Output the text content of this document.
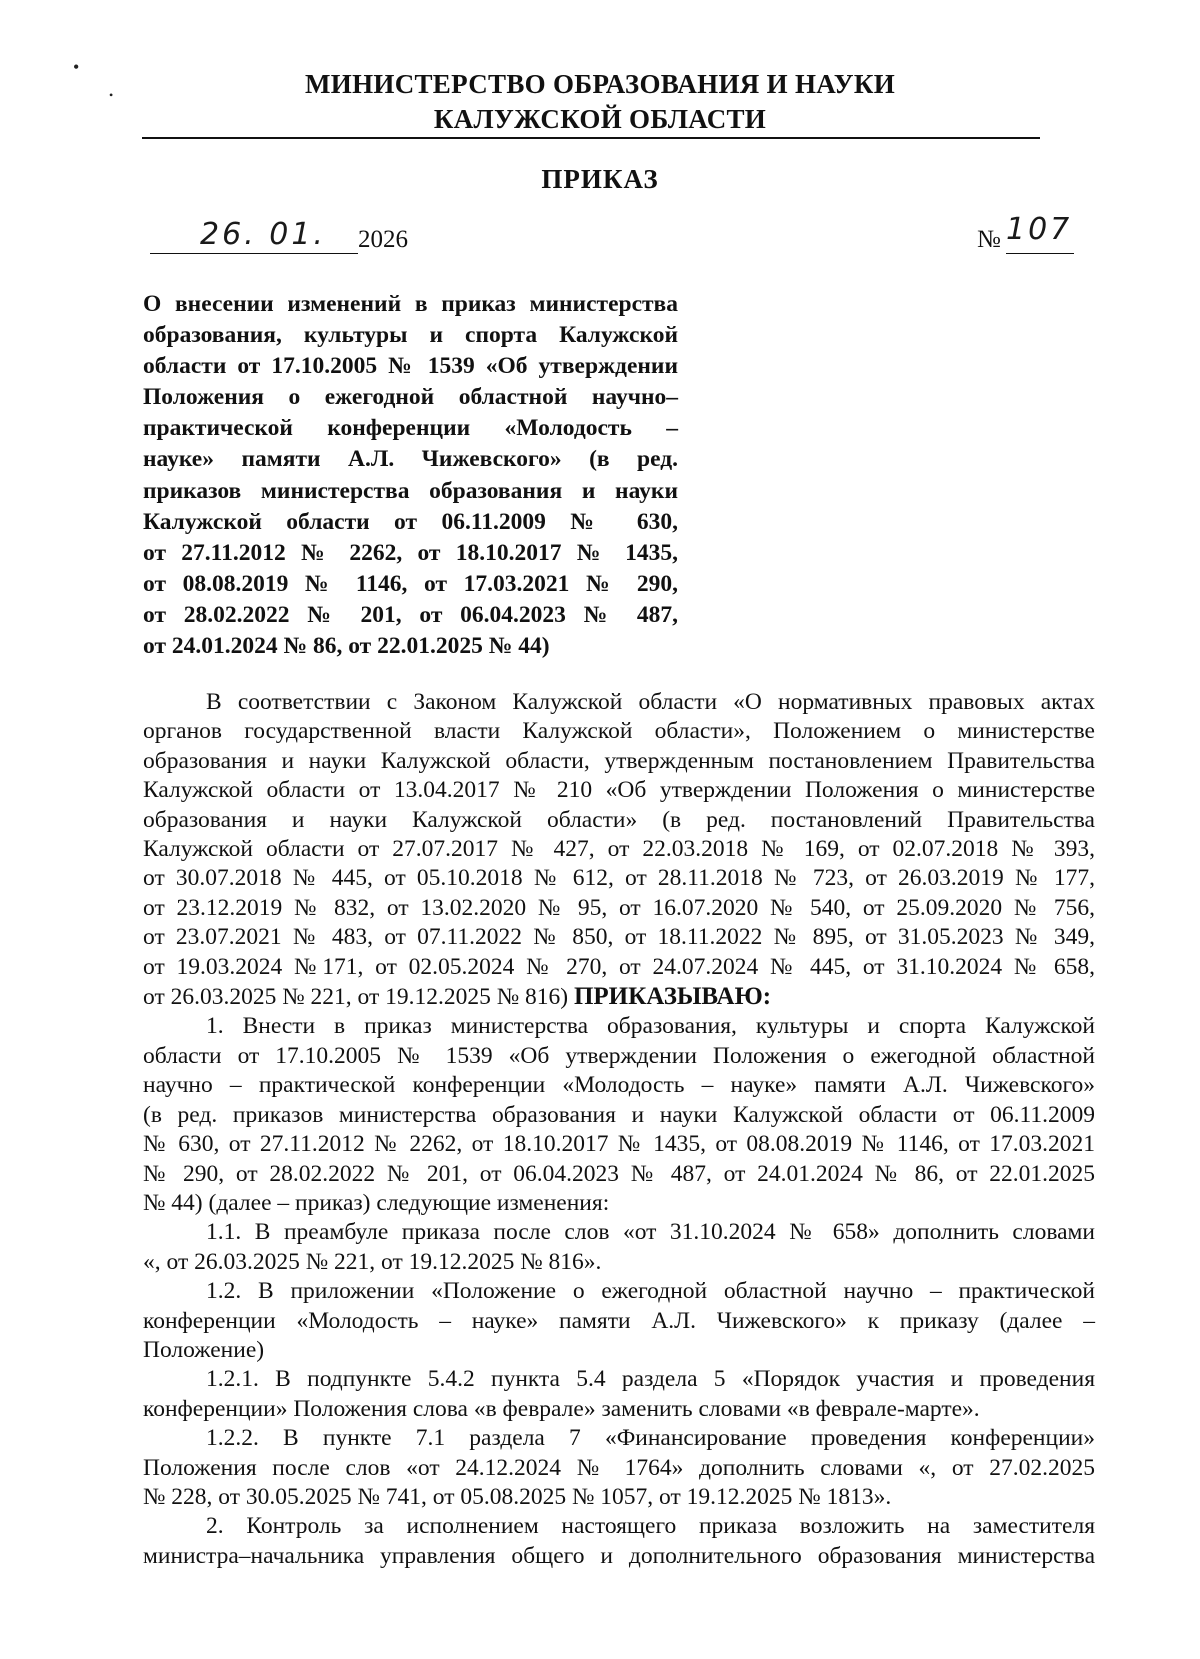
•
•	МИНИСТЕРСТВО ОБРАЗОВАНИЯ И НАУКИ
КАЛУЖСКОЙ ОБЛАСТИ
ПРИКАЗ
26. 01. 2026	№ 107
О внесении изменений в приказ министерства
образования, культуры и спорта Калужской
области от 17.10.2005 № 1539 «Об утверждении
Положения о ежегодной областной научно–
практической конференции «Молодость –
науке» памяти А.Л. Чижевского» (в ред.
приказов министерства образования и науки
Калужской области от 06.11.2009 № 630,
от 27.11.2012 № 2262, от 18.10.2017 № 1435,
от 08.08.2019 № 1146, от 17.03.2021 № 290,
от 28.02.2022 № 201, от 06.04.2023 № 487,
от 24.01.2024 № 86, от 22.01.2025 № 44)
В соответствии с Законом Калужской области «О нормативных правовых актах
органов государственной власти Калужской области», Положением о министерстве
образования и науки Калужской области, утвержденным постановлением Правительства
Калужской области от 13.04.2017 № 210 «Об утверждении Положения о министерстве
образования и науки Калужской области» (в ред. постановлений Правительства
Калужской области от 27.07.2017 № 427, от 22.03.2018 № 169, от 02.07.2018 № 393,
от 30.07.2018 № 445, от 05.10.2018 № 612, от 28.11.2018 № 723, от 26.03.2019 № 177,
от 23.12.2019 № 832, от 13.02.2020 № 95, от 16.07.2020 № 540, от 25.09.2020 № 756,
от 23.07.2021 № 483, от 07.11.2022 № 850, от 18.11.2022 № 895, от 31.05.2023 № 349,
от 19.03.2024 №171, от 02.05.2024 № 270, от 24.07.2024 № 445, от 31.10.2024 № 658,
от 26.03.2025 № 221, от 19.12.2025 № 816) ПРИКАЗЫВАЮ:
1. Внести в приказ министерства образования, культуры и спорта Калужской
области от 17.10.2005 № 1539 «Об утверждении Положения о ежегодной областной
научно – практической конференции «Молодость – науке» памяти А.Л. Чижевского»
(в ред. приказов министерства образования и науки Калужской области от 06.11.2009
№ 630, от 27.11.2012 № 2262, от 18.10.2017 № 1435, от 08.08.2019 № 1146, от 17.03.2021
№ 290, от 28.02.2022 № 201, от 06.04.2023 № 487, от 24.01.2024 № 86, от 22.01.2025
№ 44) (далее – приказ) следующие изменения:
1.1. В преамбуле приказа после слов «от 31.10.2024 № 658» дополнить словами
«, от 26.03.2025 № 221, от 19.12.2025 № 816».
1.2. В приложении «Положение о ежегодной областной научно – практической
конференции «Молодость – науке» памяти А.Л. Чижевского» к приказу (далее –
Положение)
1.2.1. В подпункте 5.4.2 пункта 5.4 раздела 5 «Порядок участия и проведения
конференции» Положения слова «в феврале» заменить словами «в феврале-марте».
1.2.2. В пункте 7.1 раздела 7 «Финансирование проведения конференции»
Положения после слов «от 24.12.2024 № 1764» дополнить словами «, от 27.02.2025
№ 228, от 30.05.2025 № 741, от 05.08.2025 № 1057, от 19.12.2025 № 1813».
2. Контроль за исполнением настоящего приказа возложить на заместителя
министра–начальника управления общего и дополнительного образования министерства
